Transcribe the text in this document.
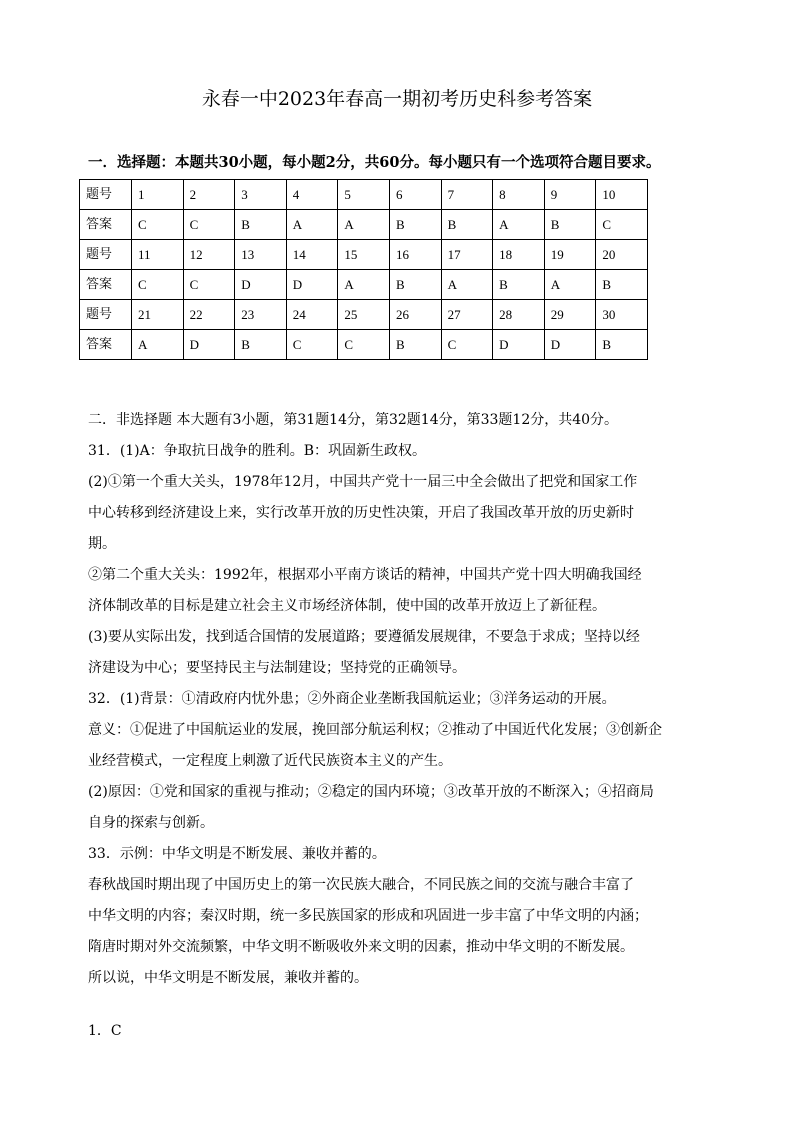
永春一中2023年春高一期初考历史科参考答案
一．选择题：本题共30小题，每小题2分，共60分。每小题只有一个选项符合题目要求。
题号	1	2	3	4	5	6	7	8	9	10
答案	C	C	B	A	A	B	B	A	B	C
题号	11	12	13	14	15	16	17	18	19	20
答案	C	C	D	D	A	B	A	B	A	B
题号	21	22	23	24	25	26	27	28	29	30
答案	A	D	B	C	C	B	C	D	D	B
二．非选择题 本大题有3小题，第31题14分，第32题14分，第33题12分，共40分。
31．(1)A：争取抗日战争的胜利。B：巩固新生政权。
(2)①第一个重大关头，1978年12月，中国共产党十一届三中全会做出了把党和国家工作
中心转移到经济建设上来，实行改革开放的历史性决策，开启了我国改革开放的历史新时
期。
②第二个重大关头：1992年，根据邓小平南方谈话的精神，中国共产党十四大明确我国经
济体制改革的目标是建立社会主义市场经济体制，使中国的改革开放迈上了新征程。
(3)要从实际出发，找到适合国情的发展道路；要遵循发展规律，不要急于求成；坚持以经
济建设为中心；要坚持民主与法制建设；坚持党的正确领导。
32．(1)背景：①清政府内忧外患；②外商企业垄断我国航运业；③洋务运动的开展。
意义：①促进了中国航运业的发展，挽回部分航运利权；②推动了中国近代化发展；③创新企
业经营模式，一定程度上刺激了近代民族资本主义的产生。
(2)原因：①党和国家的重视与推动；②稳定的国内环境；③改革开放的不断深入；④招商局
自身的探索与创新。
33．示例：中华文明是不断发展、兼收并蓄的。
春秋战国时期出现了中国历史上的第一次民族大融合，不同民族之间的交流与融合丰富了
中华文明的内容；秦汉时期，统一多民族国家的形成和巩固进一步丰富了中华文明的内涵；
隋唐时期对外交流频繁，中华文明不断吸收外来文明的因素，推动中华文明的不断发展。
所以说，中华文明是不断发展，兼收并蓄的。
1．C
